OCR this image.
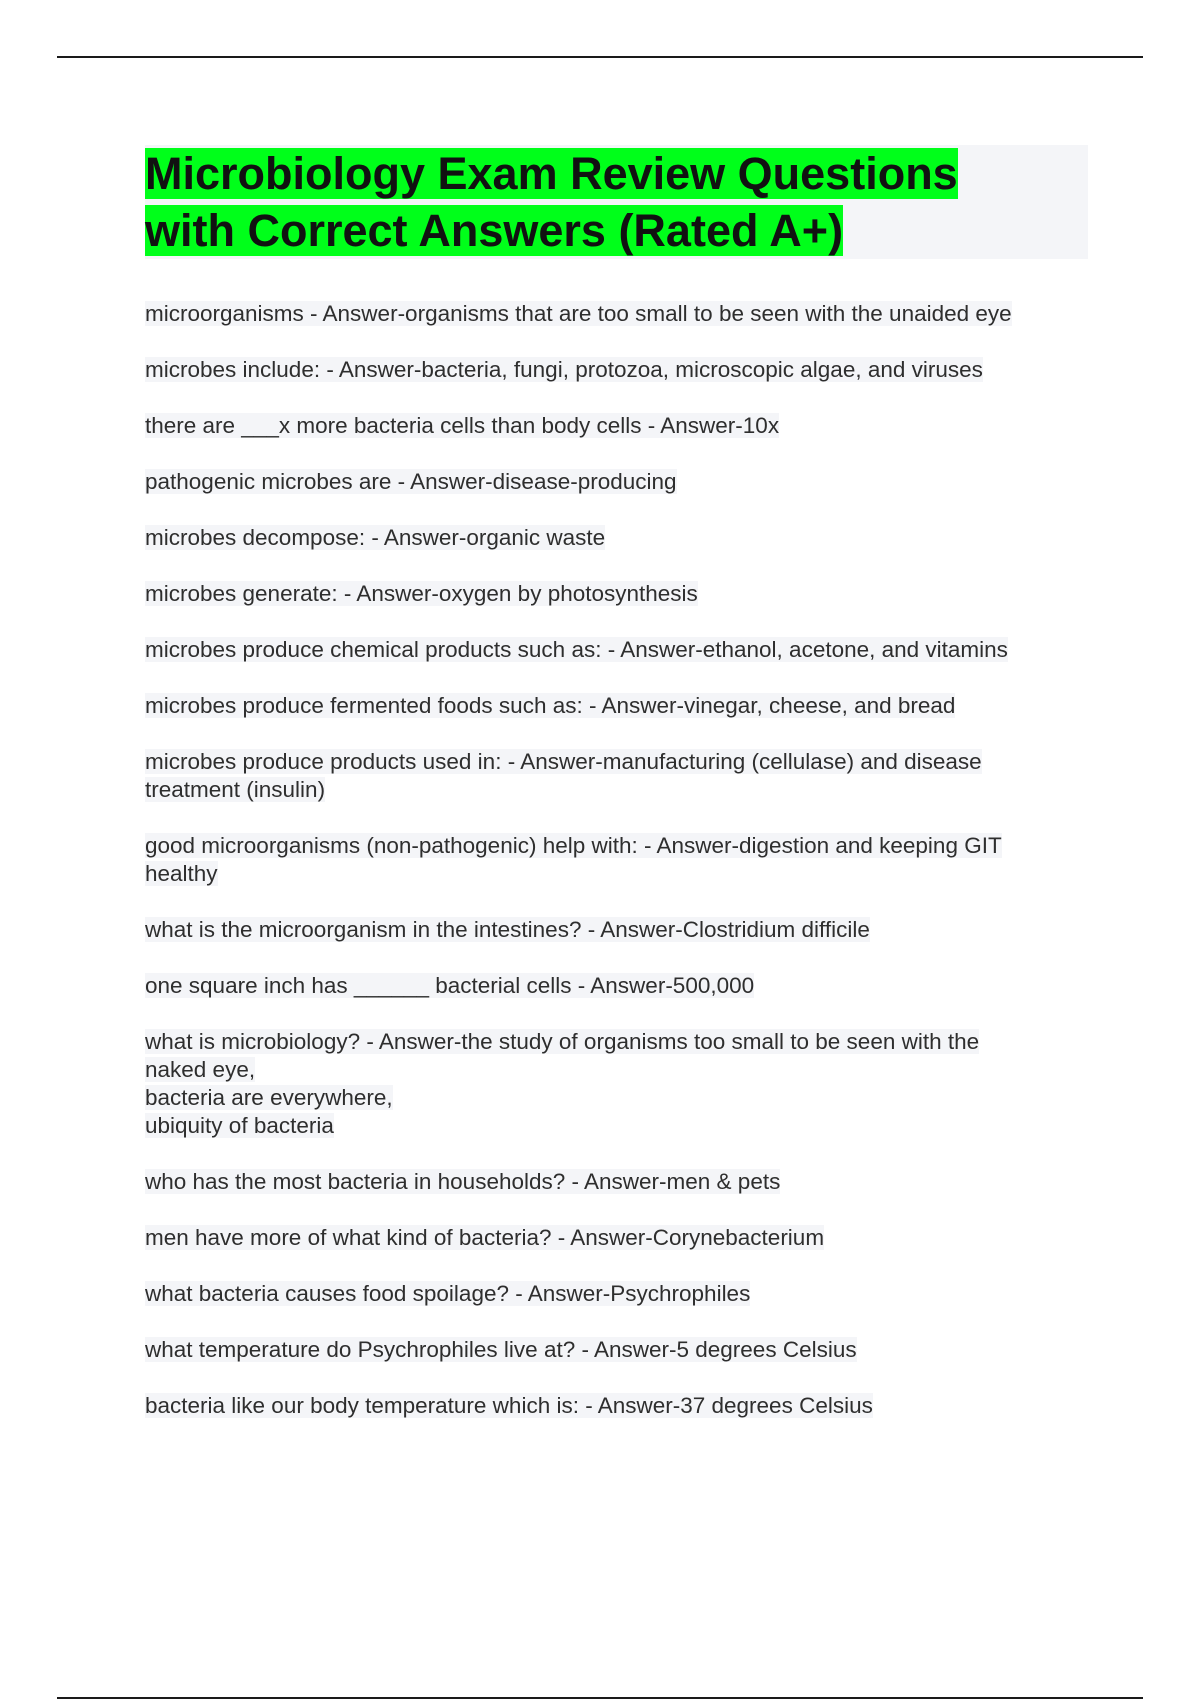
Microbiology Exam Review Questions
with Correct Answers (Rated A+)
microorganisms - Answer-organisms that are too small to be seen with the unaided eye
microbes include: - Answer-bacteria, fungi, protozoa, microscopic algae, and viruses
there are ___x more bacteria cells than body cells - Answer-10x
pathogenic microbes are - Answer-disease-producing
microbes decompose: - Answer-organic waste
microbes generate: - Answer-oxygen by photosynthesis
microbes produce chemical products such as: - Answer-ethanol, acetone, and vitamins
microbes produce fermented foods such as: - Answer-vinegar, cheese, and bread
microbes produce products used in: - Answer-manufacturing (cellulase) and disease
treatment (insulin)
good microorganisms (non-pathogenic) help with: - Answer-digestion and keeping GIT
healthy
what is the microorganism in the intestines? - Answer-Clostridium difficile
one square inch has ______ bacterial cells - Answer-500,000
what is microbiology? - Answer-the study of organisms too small to be seen with the
naked eye,
bacteria are everywhere,
ubiquity of bacteria
who has the most bacteria in households? - Answer-men & pets
men have more of what kind of bacteria? - Answer-Corynebacterium
what bacteria causes food spoilage? - Answer-Psychrophiles
what temperature do Psychrophiles live at? - Answer-5 degrees Celsius
bacteria like our body temperature which is: - Answer-37 degrees Celsius
